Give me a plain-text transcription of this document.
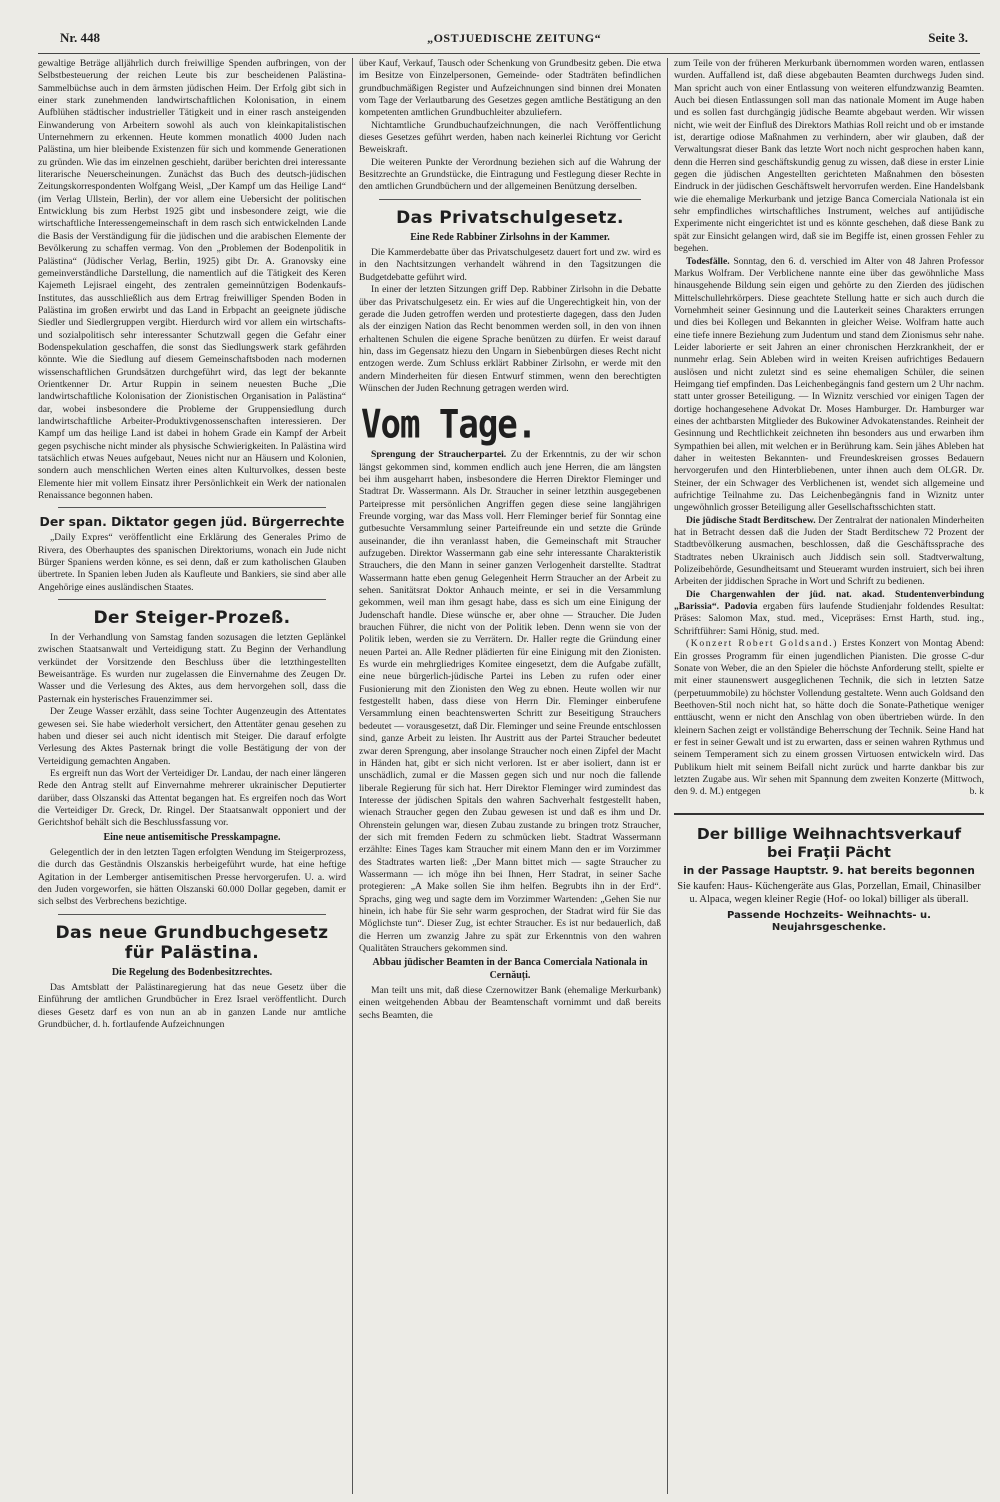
Nr. 448	„OSTJUEDISCHE ZEITUNG“	Seite 3.

gewaltige Beträge alljährlich durch freiwillige Spenden aufbringen, von der Selbstbesteuerung der reichen Leute bis zur bescheidenen Palästina-Sammelbüchse auch in dem ärmsten jüdischen Heim. Der Erfolg gibt sich in einer stark zunehmenden landwirtschaftlichen Kolonisation, in einem Aufblühen städtischer industrieller Tätigkeit und in einer rasch ansteigenden Einwanderung von Arbeitern sowohl als auch von kleinkapitalistischen Unternehmern zu erkennen. Heute kommen monatlich 4000 Juden nach Palästina, um hier bleibende Existenzen für sich und kommende Generationen zu gründen. Wie das im einzelnen geschieht, darüber berichten drei interessante literarische Neuerscheinungen. Zunächst das Buch des deutsch-jüdischen Zeitungskorrespondenten Wolfgang Weisl, „Der Kampf um das Heilige Land“ (im Verlag Ullstein, Berlin), der vor allem eine Uebersicht der politischen Entwicklung bis zum Herbst 1925 gibt und insbesondere zeigt, wie die wirtschaftliche Interessengemeinschaft in dem rasch sich entwickelnden Lande die Basis der Verständigung für die jüdischen und die arabischen Elemente der Bevölkerung zu schaffen vermag. Von den „Problemen der Bodenpolitik in Palästina“ (Jüdischer Verlag, Berlin, 1925) gibt Dr. A. Granovsky eine gemeinverständliche Darstellung, die namentlich auf die Tätigkeit des Keren Kajemeth Lejisrael eingeht, des zentralen gemeinnützigen Bodenkaufs-Institutes, das ausschließlich aus dem Ertrag freiwilliger Spenden Boden in Palästina im großen erwirbt und das Land in Erbpacht an geeignete jüdische Siedler und Siedlergruppen vergibt. Hierdurch wird vor allem ein wirtschafts- und sozialpolitisch sehr interessanter Schutzwall gegen die Gefahr einer Bodenspekulation geschaffen, die sonst das Siedlungswerk stark gefährden könnte. Wie die Siedlung auf diesem Gemeinschaftsboden nach modernen wissenschaftlichen Grundsätzen durchgeführt wird, das legt der bekannte Orientkenner Dr. Artur Ruppin in seinem neuesten Buche „Die landwirtschaftliche Kolonisation der Zionistischen Organisation in Palästina“ dar, wobei insbesondere die Probleme der Gruppensiedlung durch landwirtschaftliche Arbeiter-Produktivgenossenschaften interessieren. Der Kampf um das heilige Land ist dabei in hohem Grade ein Kampf der Arbeit gegen psychische nicht minder als physische Schwierigkeiten. In Palästina wird tatsächlich etwas Neues aufgebaut, Neues nicht nur an Häusern und Kolonien, sondern auch menschlichen Werten eines alten Kulturvolkes, dessen beste Elemente hier mit vollem Einsatz ihrer Persönlichkeit ein Werk der nationalen Renaissance begonnen haben.

Der span. Diktator gegen jüd. Bürgerrechte

„Daily Expres“ veröffentlicht eine Erklärung des Generales Primo de Rivera, des Oberhauptes des spanischen Direktoriums, wonach ein Jude nicht Bürger Spaniens werden könne, es sei denn, daß er zum katholischen Glauben übertrete. In Spanien leben Juden als Kaufleute und Bankiers, sie sind aber alle Angehörige eines ausländischen Staates.

Der Steiger-Prozeß.

In der Verhandlung von Samstag fanden sozusagen die letzten Geplänkel zwischen Staatsanwalt und Verteidigung statt. Zu Beginn der Verhandlung verkündet der Vorsitzende den Beschluss über die letzthingestellten Beweisanträge. Es wurden nur zugelassen die Einvernahme des Zeugen Dr. Wasser und die Verlesung des Aktes, aus dem hervorgehen soll, dass die Pasternak ein hysterisches Frauenzimmer sei.

Der Zeuge Wasser erzählt, dass seine Tochter Augenzeugin des Attentates gewesen sei. Sie habe wiederholt versichert, den Attentäter genau gesehen zu haben und dieser sei auch nicht identisch mit Steiger. Die darauf erfolgte Verlesung des Aktes Pasternak bringt die volle Bestätigung der von der Verteidigung gemachten Angaben.

Es ergreift nun das Wort der Verteidiger Dr. Landau, der nach einer längeren Rede den Antrag stellt auf Einvernahme mehrerer ukrainischer Deputierter darüber, dass Olszanski das Attentat begangen hat. Es ergreifen noch das Wort die Verteidiger Dr. Greck, Dr. Ringel. Der Staatsanwalt opponiert und der Gerichtshof behält sich die Beschlussfassung vor.

Eine neue antisemitische Presskampagne.

Gelegentlich der in den letzten Tagen erfolgten Wendung im Steigerprozess, die durch das Geständnis Olszanskis herbeigeführt wurde, hat eine heftige Agitation in der Lemberger antisemitischen Presse hervorgerufen. U. a. wird den Juden vorgeworfen, sie hätten Olszanski 60.000 Dollar gegeben, damit er sich selbst des Verbrechens bezichtige.

Das neue Grundbuchgesetz für Palästina.
Die Regelung des Bodenbesitzrechtes.

Das Amtsblatt der Palästinaregierung hat das neue Gesetz über die Einführung der amtlichen Grundbücher in Erez Israel veröffentlicht. Durch dieses Gesetz darf es von nun an ab in ganzen Lande nur amtliche Grundbücher, d. h. fortlaufende Aufzeichnungen

über Kauf, Verkauf, Tausch oder Schenkung von Grundbesitz geben. Die etwa im Besitze von Einzelpersonen, Gemeinde- oder Stadträten befindlichen grundbuchmäßigen Register und Aufzeichnungen sind binnen drei Monaten vom Tage der Verlautbarung des Gesetzes gegen amtliche Bestätigung an den kompetenten amtlichen Grundbuchleiter abzuliefern.

Nichtamtliche Grundbuchaufzeichnungen, die nach Veröffentlichung dieses Gesetzes geführt werden, haben nach keinerlei Richtung vor Gericht Beweiskraft.

Die weiteren Punkte der Verordnung beziehen sich auf die Wahrung der Besitzrechte an Grundstücke, die Eintragung und Festlegung dieser Rechte in den amtlichen Grundbüchern und der allgemeinen Benützung derselben.

Das Privatschulgesetz.
Eine Rede Rabbiner Zirlsohns in der Kammer.

Die Kammerdebatte über das Privatschulgesetz dauert fort und zw. wird es in den Nachtsitzungen verhandelt während in den Tagsitzungen die Budgetdebatte geführt wird.

In einer der letzten Sitzungen griff Dep. Rabbiner Zirlsohn in die Debatte über das Privatschulgesetz ein. Er wies auf die Ungerechtigkeit hin, von der gerade die Juden getroffen werden und protestierte dagegen, dass den Juden als der einzigen Nation das Recht benommen werden soll, in den von ihnen erhaltenen Schulen die eigene Sprache benützen zu dürfen. Er weist darauf hin, dass im Gegensatz hiezu den Ungarn in Siebenbürgen dieses Recht nicht entzogen werde. Zum Schluss erklärt Rabbiner Zirlsohn, er werde mit den andern Minderheiten für diesen Entwurf stimmen, wenn den berechtigten Wünschen der Juden Rechnung getragen werden wird.

Vom Tage.

Sprengung der Straucherpartei. Zu der Erkenntnis, zu der wir schon längst gekommen sind, kommen endlich auch jene Herren, die am längsten bei ihm ausgeharrt haben, insbesondere die Herren Direktor Fleminger und Stadtrat Dr. Wassermann. Als Dr. Straucher in seiner letzthin ausgegebenen Parteipresse mit persönlichen Angriffen gegen diese seine langjährigen Freunde vorging, war das Mass voll. Herr Fleminger berief für Sonntag eine gutbesuchte Versammlung seiner Parteifreunde ein und setzte die Gründe auseinander, die ihn veranlasst haben, die Gemeinschaft mit Straucher aufzugeben. Direktor Wassermann gab eine sehr interessante Charakteristik Strauchers, die den Mann in seiner ganzen Verlogenheit darstellte. Stadtrat Wassermann hatte eben genug Gelegenheit Herrn Straucher an der Arbeit zu sehen. Sanitätsrat Doktor Anhauch meinte, er sei in die Versammlung gekommen, weil man ihm gesagt habe, dass es sich um eine Einigung der Judenschaft handle. Diese wünsche er, aber ohne — Straucher. Die Juden brauchen Führer, die nicht von der Politik leben. Denn wenn sie von der Politik leben, werden sie zu Verrätern. Dr. Haller regte die Gründung einer neuen Partei an. Alle Redner plädierten für eine Einigung mit den Zionisten. Es wurde ein mehrgliedriges Komitee eingesetzt, dem die Aufgabe zufällt, eine neue bürgerlich-jüdische Partei ins Leben zu rufen oder einer Fusionierung mit den Zionisten den Weg zu ebnen. Heute wollen wir nur festgestellt haben, dass diese von Herrn Dir. Fleminger einberufene Versammlung einen beachtenswerten Schritt zur Beseitigung Strauchers bedeutet — vorausgesetzt, daß Dir. Fleminger und seine Freunde entschlossen sind, ganze Arbeit zu leisten. Ihr Austritt aus der Partei Straucher bedeutet zwar deren Sprengung, aber insolange Straucher noch einen Zipfel der Macht in Händen hat, gibt er sich nicht verloren. Ist er aber isoliert, dann ist er unschädlich, zumal er die Massen gegen sich und nur noch die fallende liberale Regierung für sich hat. Herr Direktor Fleminger wird zumindest das Interesse der jüdischen Spitals den wahren Sachverhalt festgestellt haben, wienach Straucher gegen den Zubau gewesen ist und daß es ihm und Dr. Ohrenstein gelungen war, diesen Zubau zustande zu bringen trotz Straucher, der sich mit fremden Federn zu schmücken liebt. Stadtrat Wassermann erzählte: Eines Tages kam Straucher mit einem Mann den er im Vorzimmer des Stadtrates warten ließ: „Der Mann bittet mich — sagte Straucher zu Wassermann — ich möge ihn bei Ihnen, Herr Stadrat, in seiner Sache protegieren: „A Make sollen Sie ihm helfen. Begrubts ihn in der Erd“. Sprachs, ging weg und sagte dem im Vorzimmer Wartenden: „Gehen Sie nur hinein, ich habe für Sie sehr warm gesprochen, der Stadrat wird für Sie das Möglichste tun“. Dieser Zug, ist echter Straucher. Es ist nur bedauerlich, daß die Herren um zwanzig Jahre zu spät zur Erkenntnis von den wahren Qualitäten Strauchers gekommen sind.

Abbau jüdischer Beamten in der Banca Comerciala Nationala in Cernăuți.

Man teilt uns mit, daß diese Czernowitzer Bank (ehemalige Merkurbank) einen weitgehenden Abbau der Beamtenschaft vornimmt und daß bereits sechs Beamten, die

zum Teile von der früheren Merkurbank übernommen worden waren, entlassen wurden. Auffallend ist, daß diese abgebauten Beamten durchwegs Juden sind. Man spricht auch von einer Entlassung von weiteren elfundzwanzig Beamten. Auch bei diesen Entlassungen soll man das nationale Moment im Auge haben und es sollen fast durchgängig jüdische Beamte abgebaut werden. Wir wissen nicht, wie weit der Einfluß des Direktors Mathias Roll reicht und ob er imstande ist, derartige odiose Maßnahmen zu verhindern, aber wir glauben, daß der Verwaltungsrat dieser Bank das letzte Wort noch nicht gesprochen haben kann, denn die Herren sind geschäftskundig genug zu wissen, daß diese in erster Linie gegen die jüdischen Angestellten gerichteten Maßnahmen den bösesten Eindruck in der jüdischen Geschäftswelt hervorrufen werden. Eine Handelsbank wie die ehemalige Merkurbank und jetzige Banca Comerciala Nationala ist ein sehr empfindliches wirtschaftliches Instrument, welches auf antijüdische Experimente nicht eingerichtet ist und es könnte geschehen, daß diese Bank zu spät zur Einsicht gelangen wird, daß sie im Begiffe ist, einen grossen Fehler zu begehen.

Todesfälle. Sonntag, den 6. d. verschied im Alter von 48 Jahren Professor Markus Wolfram. Der Verblichene nannte eine über das gewöhnliche Mass hinausgehende Bildung sein eigen und gehörte zu den Zierden des jüdischen Mittelschullehrkörpers. Diese geachtete Stellung hatte er sich auch durch die Vornehmheit seiner Gesinnung und die Lauterkeit seines Charakters errungen und dies bei Kollegen und Bekannten in gleicher Weise. Wolfram hatte auch eine tiefe innere Beziehung zum Judentum und stand dem Zionismus sehr nahe. Leider laborierte er seit Jahren an einer chronischen Herzkrankheit, der er nunmehr erlag. Sein Ableben wird in weiten Kreisen aufrichtiges Bedauern auslösen und nicht zuletzt sind es seine ehemaligen Schüler, die seinen Heimgang tief empfinden. Das Leichenbegängnis fand gestern um 2 Uhr nachm. statt unter grosser Beteiligung. — In Wiznitz verschied vor einigen Tagen der dortige hochangesehene Advokat Dr. Moses Hamburger. Dr. Hamburger war eines der achtbarsten Mitglieder des Bukowiner Advokatenstandes. Reinheit der Gesinnung und Rechtlichkeit zeichneten ihn besonders aus und erwarben ihm Sympathien bei allen, mit welchen er in Berührung kam. Sein jähes Ableben hat daher in weitesten Bekannten- und Freundeskreisen grosses Bedauern hervorgerufen und den Hinterbliebenen, unter ihnen auch dem OLGR. Dr. Steiner, der ein Schwager des Verblichenen ist, wendet sich allgemeine und aufrichtige Teilnahme zu. Das Leichenbegängnis fand in Wiznitz unter ungewöhnlich grosser Beteiligung aller Gesellschaftsschichten statt.

Die jüdische Stadt Berditschew. Der Zentralrat der nationalen Minderheiten hat in Betracht dessen daß die Juden der Stadt Berditschew 72 Prozent der Stadtbevölkerung ausmachen, beschlossen, daß die Geschäftssprache des Stadtrates neben Ukrainisch auch Jiddisch sein soll. Stadtverwaltung, Polizeibehörde, Gesundheitsamt und Steueramt wurden instruiert, sich bei ihren Arbeiten der jiddischen Sprache in Wort und Schrift zu bedienen.

Die Chargenwahlen der jüd. nat. akad. Studentenverbindung „Barissia“. Padovia ergaben fürs laufende Studienjahr foldendes Resultat: Präses: Salomon Max, stud. med., Vicepräses: Ernst Harth, stud. ing., Schriftführer: Sami Hönig, stud. med.

(Konzert Robert Goldsand.) Erstes Konzert von Montag Abend: Ein grosses Programm für einen jugendlichen Pianisten. Die grosse C-dur Sonate von Weber, die an den Spieler die höchste Anforderung stellt, spielte er mit einer staunenswert ausgeglichenen Technik, die sich in letzten Satze (perpetuummobile) zu höchster Vollendung gestaltete. Wenn auch Goldsand den Beethoven-Stil noch nicht hat, so hätte doch die Sonate-Pathetique weniger enttäuscht, wenn er nicht den Anschlag von oben übertrieben würde. In den kleinern Sachen zeigt er vollständige Beherrschung der Technik. Seine Hand hat er fest in seiner Gewalt und ist zu erwarten, dass er seinen wahren Rythmus und seinem Temperament sich zu einem grossen Virtuosen entwickeln wird. Das Publikum hielt mit seinem Beifall nicht zurück und harrte dankbar bis zur letzten Zugabe aus. Wir sehen mit Spannung dem zweiten Konzerte (Mittwoch, den 9. d. M.) entgegen	b. k

Der billige Weihnachtsverkauf
bei Fraţii Pächt
in der Passage Hauptstr. 9. hat bereits begonnen
Sie kaufen: Haus- Küchengeräte aus Glas, Porzellan, Email, Chinasilber u. Alpaca, wegen kleiner Regie (Hof- oo lokal) billiger als überall.
Passende Hochzeits- Weihnachts- u. Neujahrsgeschenke.
